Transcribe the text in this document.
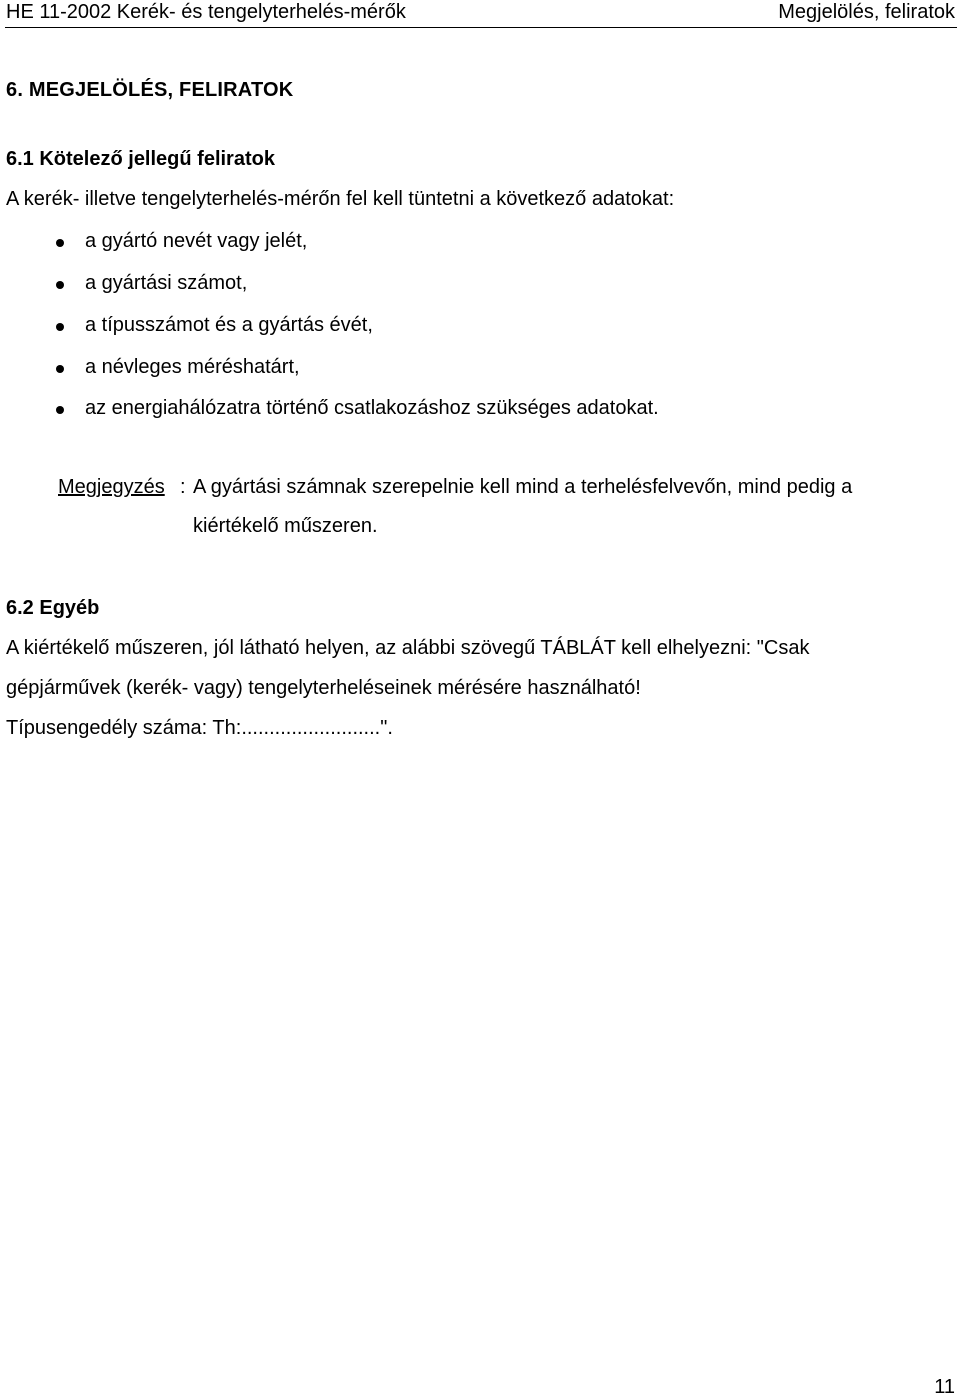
HE 11-2002 Kerék- és tengelyterhelés-mérők	Megjelölés, feliratok
6. MEGJELÖLÉS, FELIRATOK
6.1 Kötelező jellegű feliratok
A kerék- illetve tengelyterhelés-mérőn fel kell tüntetni a következő adatokat:
a gyártó nevét vagy jelét,
a gyártási számot,
a típusszámot és a gyártás évét,
a névleges méréshatárt,
az energiahálózatra történő csatlakozáshoz szükséges adatokat.
Megjegyzés : A gyártási számnak szerepelnie kell mind a terhelésfelvevőn, mind pedig a
kiértékelő műszeren.
6.2 Egyéb
A kiértékelő műszeren, jól látható helyen, az alábbi szövegű TÁBLÁT kell elhelyezni: "Csak
gépjárművek (kerék- vagy) tengelyterheléseinek mérésére használható!
Típusengedély száma: Th:.........................".
11
